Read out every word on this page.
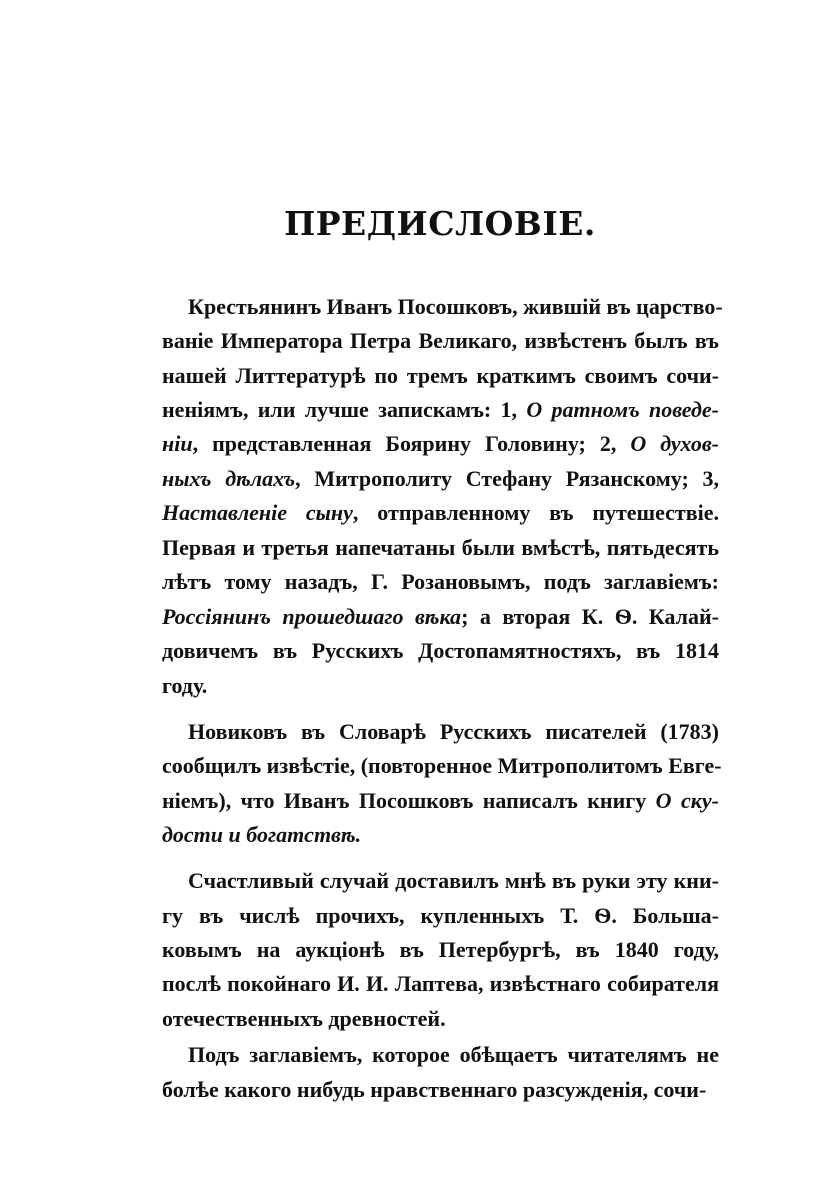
ПРЕДИСЛОВІЕ.
Крестьянинъ Иванъ Посошковъ, жившій въ царство-
ваніе Императора Петра Великаго, извѣстенъ былъ въ
нашей Литтературѣ по тремъ краткимъ своимъ сочи-
неніямъ, или лучше запискамъ: 1, О ратномъ поведе-
ніи, представленная Боярину Головину; 2, О духов-
ныхъ дѣлахъ, Митрополиту Стефану Рязанскому; 3,
Наставленіе сыну, отправленному въ путешествіе.
Первая и третья напечатаны были вмѣстѣ, пятьдесять
лѣтъ тому назадъ, Г. Розановымъ, подъ заглавіемъ:
Россіянинъ прошедшаго вѣка; а вторая К. Ѳ. Калай-
довичемъ въ Русскихъ Достопамятностяхъ, въ 1814
году.
Новиковъ въ Словарѣ Русскихъ писателей (1783)
сообщилъ извѣстіе, (повторенное Митрополитомъ Евге-
ніемъ), что Иванъ Посошковъ написалъ книгу О ску-
дости и богатствѣ.
Счастливый случай доставилъ мнѣ въ руки эту кни-
гу въ числѣ прочихъ, купленныхъ Т. Ѳ. Большa-
ковымъ на аукціонѣ въ Петербургѣ, въ 1840 году,
послѣ покойнаго И. И. Лаптева, извѣстнаго собирателя
отечественныхъ древностей.
Подъ заглавіемъ, которое обѣщаетъ читателямъ не
болѣе какого нибудь нравственнаго разсужденія, сочи-
